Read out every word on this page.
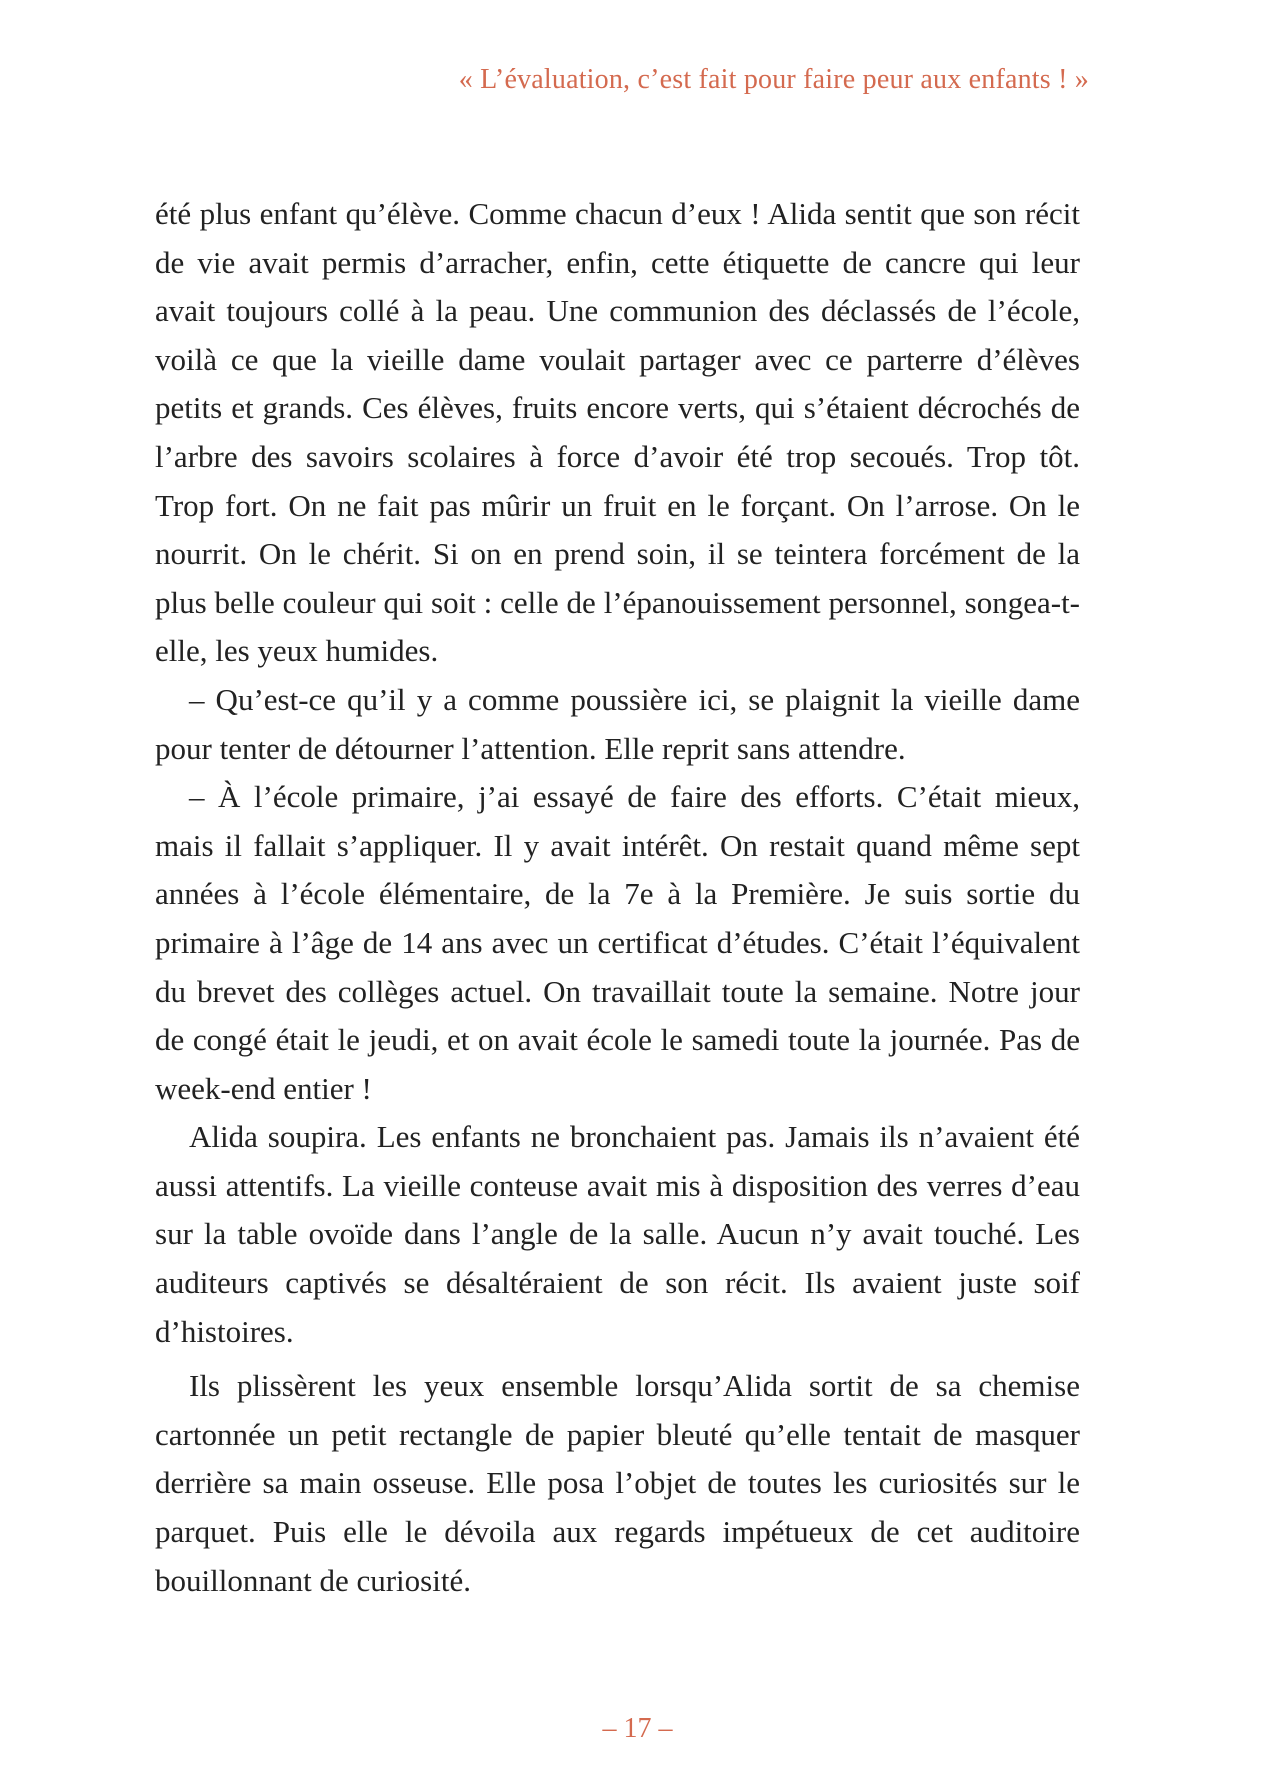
« L’évaluation, c’est fait pour faire peur aux enfants ! »

été plus enfant qu’élève. Comme chacun d’eux ! Alida sentit que son récit de vie avait permis d’arracher, enfin, cette étiquette de cancre qui leur avait toujours collé à la peau. Une communion des déclassés de l’école, voilà ce que la vieille dame voulait partager avec ce parterre d’élèves petits et grands. Ces élèves, fruits encore verts, qui s’étaient décrochés de l’arbre des savoirs scolaires à force d’avoir été trop secoués. Trop tôt. Trop fort. On ne fait pas mûrir un fruit en le forçant. On l’arrose. On le nourrit. On le chérit. Si on en prend soin, il se teintera forcément de la plus belle couleur qui soit : celle de l’épanouissement personnel, songea-t-elle, les yeux humides.

– Qu’est-ce qu’il y a comme poussière ici, se plaignit la vieille dame pour tenter de détourner l’attention. Elle reprit sans attendre.

– À l’école primaire, j’ai essayé de faire des efforts. C’était mieux, mais il fallait s’appliquer. Il y avait intérêt. On restait quand même sept années à l’école élémentaire, de la 7e à la Première. Je suis sortie du primaire à l’âge de 14 ans avec un certificat d’études. C’était l’équivalent du brevet des collèges actuel. On travaillait toute la semaine. Notre jour de congé était le jeudi, et on avait école le samedi toute la journée. Pas de week-end entier !

Alida soupira. Les enfants ne bronchaient pas. Jamais ils n’avaient été aussi attentifs. La vieille conteuse avait mis à disposition des verres d’eau sur la table ovoïde dans l’angle de la salle. Aucun n’y avait touché. Les auditeurs captivés se désaltéraient de son récit. Ils avaient juste soif d’histoires.

Ils plissèrent les yeux ensemble lorsqu’Alida sortit de sa chemise cartonnée un petit rectangle de papier bleuté qu’elle tentait de masquer derrière sa main osseuse. Elle posa l’objet de toutes les curiosités sur le parquet. Puis elle le dévoila aux regards impétueux de cet auditoire bouillonnant de curiosité.

– 17 –
